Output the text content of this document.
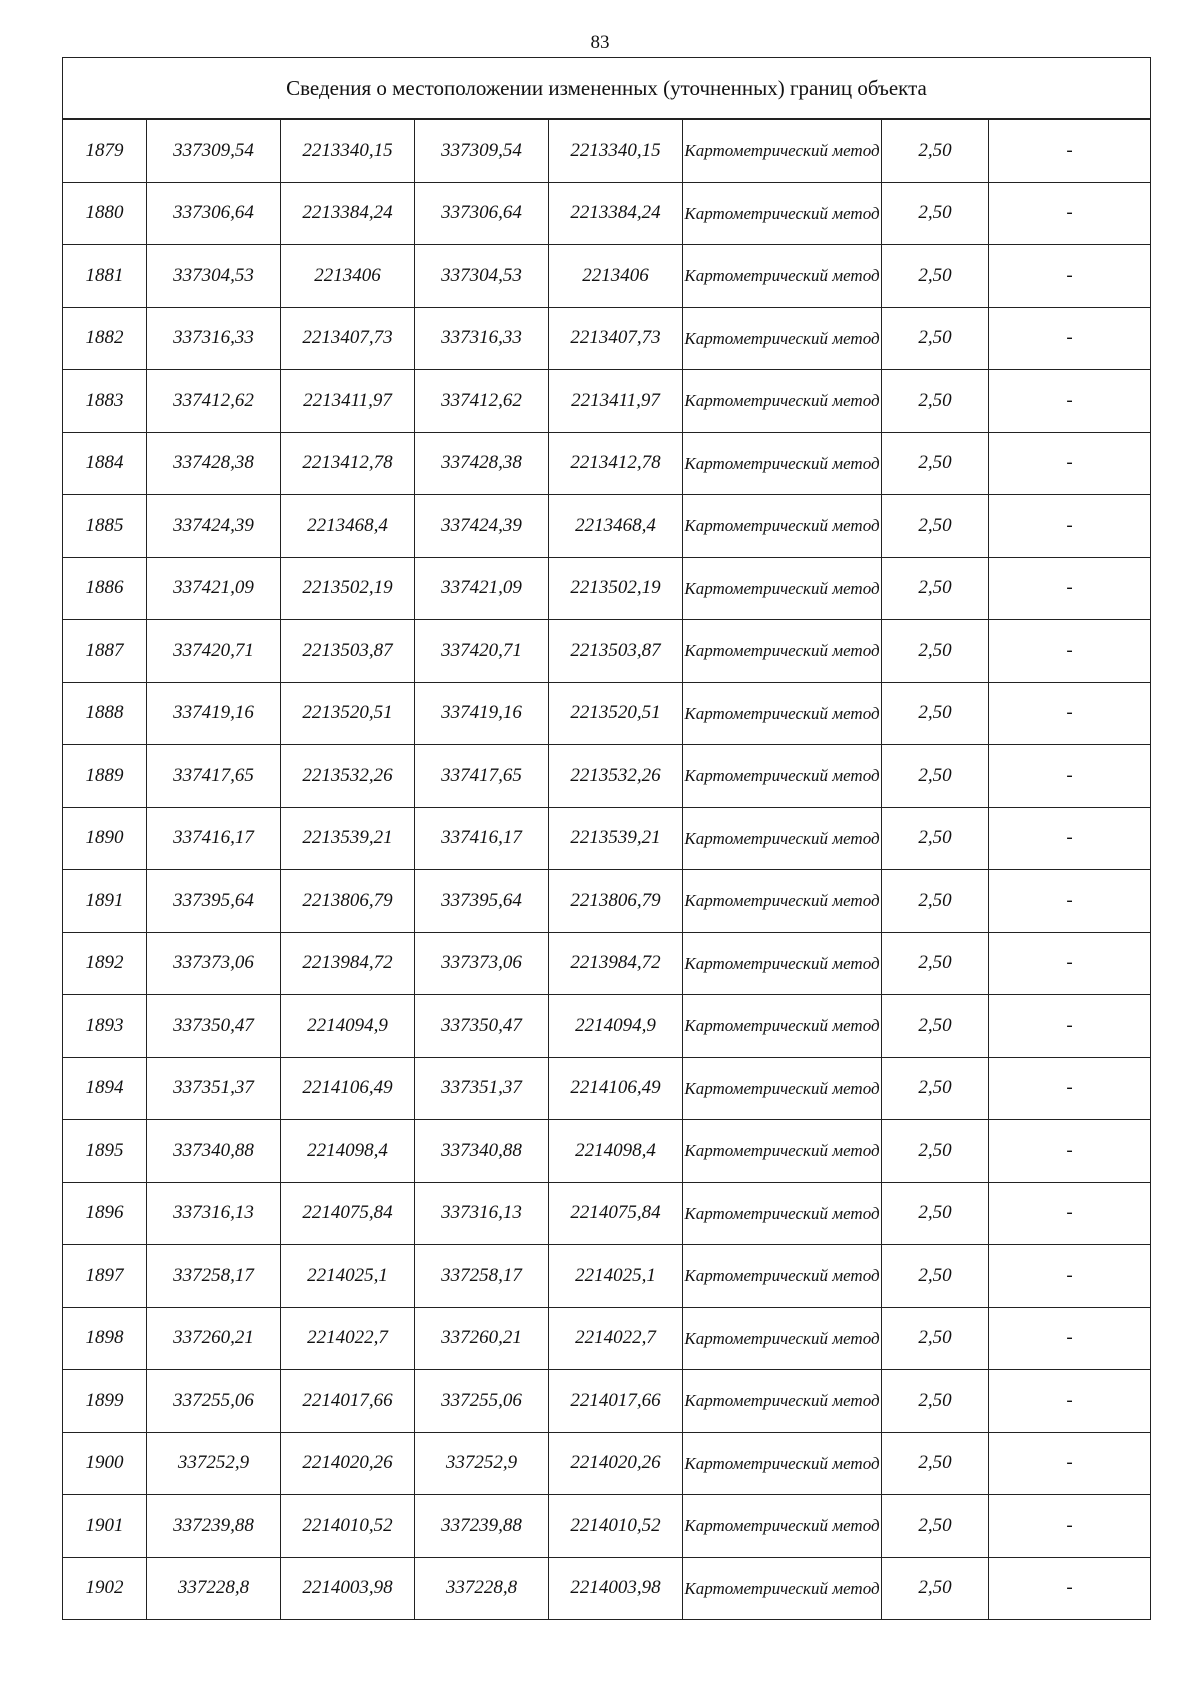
83
Сведения о местоположении измененных (уточненных) границ объекта							
1879	337309,54	2213340,15	337309,54	2213340,15	Картометрический метод	2,50	-
1880	337306,64	2213384,24	337306,64	2213384,24	Картометрический метод	2,50	-
1881	337304,53	2213406	337304,53	2213406	Картометрический метод	2,50	-
1882	337316,33	2213407,73	337316,33	2213407,73	Картометрический метод	2,50	-
1883	337412,62	2213411,97	337412,62	2213411,97	Картометрический метод	2,50	-
1884	337428,38	2213412,78	337428,38	2213412,78	Картометрический метод	2,50	-
1885	337424,39	2213468,4	337424,39	2213468,4	Картометрический метод	2,50	-
1886	337421,09	2213502,19	337421,09	2213502,19	Картометрический метод	2,50	-
1887	337420,71	2213503,87	337420,71	2213503,87	Картометрический метод	2,50	-
1888	337419,16	2213520,51	337419,16	2213520,51	Картометрический метод	2,50	-
1889	337417,65	2213532,26	337417,65	2213532,26	Картометрический метод	2,50	-
1890	337416,17	2213539,21	337416,17	2213539,21	Картометрический метод	2,50	-
1891	337395,64	2213806,79	337395,64	2213806,79	Картометрический метод	2,50	-
1892	337373,06	2213984,72	337373,06	2213984,72	Картометрический метод	2,50	-
1893	337350,47	2214094,9	337350,47	2214094,9	Картометрический метод	2,50	-
1894	337351,37	2214106,49	337351,37	2214106,49	Картометрический метод	2,50	-
1895	337340,88	2214098,4	337340,88	2214098,4	Картометрический метод	2,50	-
1896	337316,13	2214075,84	337316,13	2214075,84	Картометрический метод	2,50	-
1897	337258,17	2214025,1	337258,17	2214025,1	Картометрический метод	2,50	-
1898	337260,21	2214022,7	337260,21	2214022,7	Картометрический метод	2,50	-
1899	337255,06	2214017,66	337255,06	2214017,66	Картометрический метод	2,50	-
1900	337252,9	2214020,26	337252,9	2214020,26	Картометрический метод	2,50	-
1901	337239,88	2214010,52	337239,88	2214010,52	Картометрический метод	2,50	-
1902	337228,8	2214003,98	337228,8	2214003,98	Картометрический метод	2,50	-
